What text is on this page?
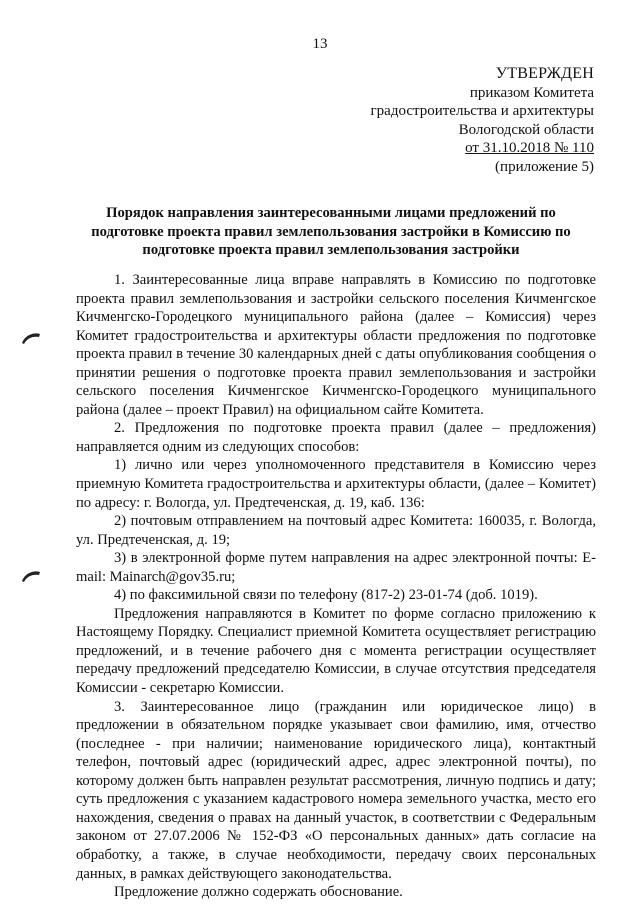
13
УТВЕРЖДЕН
приказом Комитета
градостроительства и архитектуры
Вологодской области
от 31.10.2018 № 110
(приложение 5)
Порядок направления заинтересованными лицами предложений по подготовке проекта правил землепользования застройки в Комиссию по подготовке проекта правил землепользования застройки

1. Заинтересованные лица вправе направлять в Комиссию по подготовке проекта правил землепользования и застройки сельского поселения Кичменгское Кичменгско-Городецкого муниципального района (далее – Комиссия) через Комитет градостроительства и архитектуры области предложения по подготовке проекта правил в течение 30 календарных дней с даты опубликования сообщения о принятии решения о подготовке проекта правил землепользования и застройки сельского поселения Кичменгское Кичменгско-Городецкого муниципального района (далее – проект Правил) на официальном сайте Комитета.

2. Предложения по подготовке проекта правил (далее – предложения) направляется одним из следующих способов:

1) лично или через уполномоченного представителя в Комиссию через приемную Комитета градостроительства и архитектуры области, (далее – Комитет) по адресу: г. Вологда, ул. Предтеченская, д. 19, каб. 136:

2) почтовым отправлением на почтовый адрес Комитета: 160035, г. Вологда, ул. Предтеченская, д. 19;

3) в электронной форме путем направления на адрес электронной почты: E-mail: Mainarch@gov35.ru;

4) по факсимильной связи по телефону (817-2) 23-01-74 (доб. 1019).

Предложения направляются в Комитет по форме согласно приложению к Настоящему Порядку. Специалист приемной Комитета осуществляет регистрацию предложений, и в течение рабочего дня с момента регистрации осуществляет передачу предложений председателю Комиссии, в случае отсутствия председателя Комиссии - секретарю Комиссии.

3. Заинтересованное лицо (гражданин или юридическое лицо) в предложении в обязательном порядке указывает свои фамилию, имя, отчество (последнее - при наличии; наименование юридического лица), контактный телефон, почтовый адрес (юридический адрес, адрес электронной почты), по которому должен быть направлен результат рассмотрения, личную подпись и дату; суть предложения с указанием кадастрового номера земельного участка, место его нахождения, сведения о правах на данный участок, в соответствии с Федеральным законом от 27.07.2006 № 152-ФЗ «О персональных данных» дать согласие на обработку, а также, в случае необходимости, передачу своих персональных данных, в рамках действующего законодательства.

Предложение должно содержать обоснование.
